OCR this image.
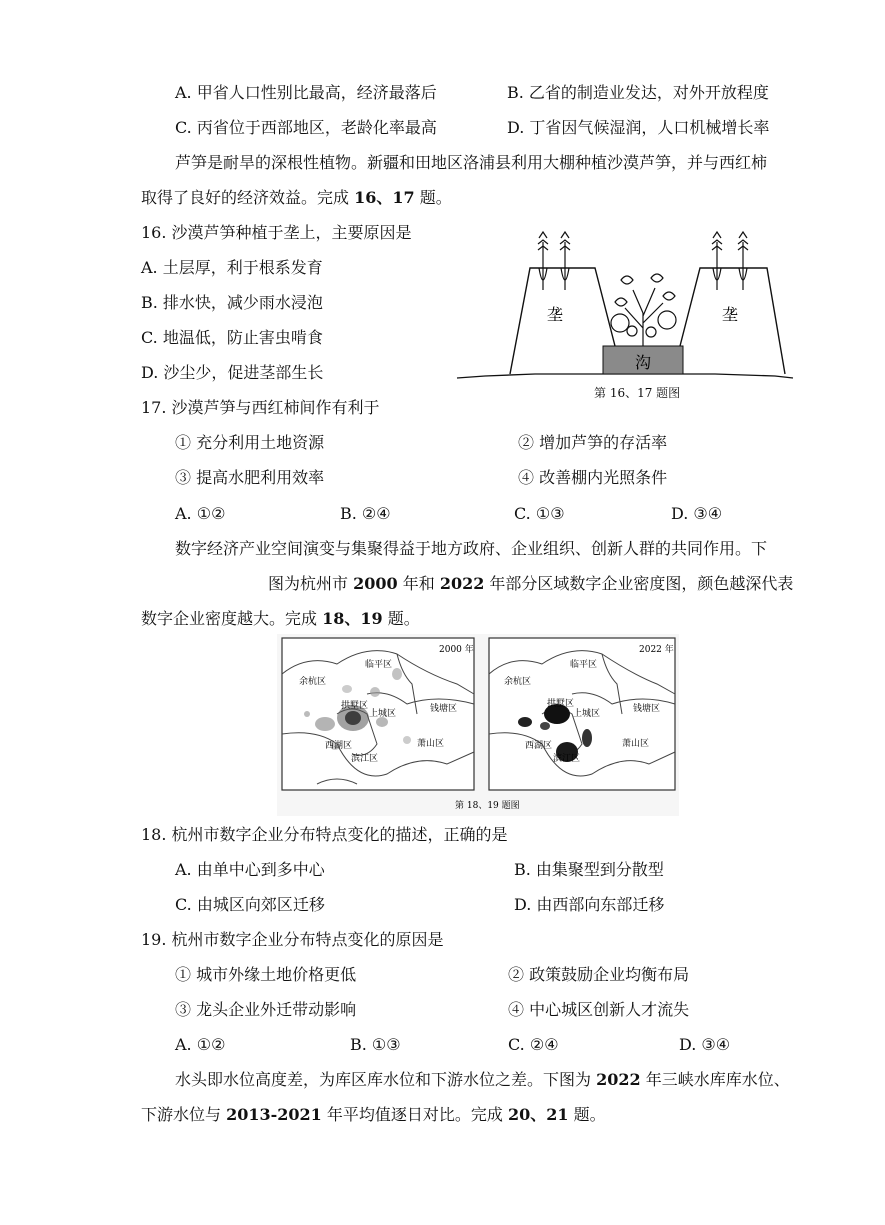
A. 甲省人口性别比最高，经济最落后	B. 乙省的制造业发达，对外开放程度
C. 丙省位于西部地区，老龄化率最高	D. 丁省因气候湿润，人口机械增长率
芦笋是耐旱的深根性植物。新疆和田地区洛浦县利用大棚种植沙漠芦笋，并与西红柿
取得了良好的经济效益。完成 16、17 题。
16. 沙漠芦笋种植于垄上，主要原因是
A. 土层厚，利于根系发育
B. 排水快，减少雨水浸泡
C. 地温低，防止害虫啃食
D. 沙尘少，促进茎部生长
垄	垄
沟
第 16、17 题图
17. 沙漠芦笋与西红柿间作有利于
① 充分利用土地资源	② 增加芦笋的存活率
③ 提高水肥利用效率	④ 改善棚内光照条件
A. ①②	B. ②④	C. ①③	D. ③④
数字经济产业空间演变与集聚得益于地方政府、企业组织、创新人群的共同作用。下
图为杭州市 2000 年和 2022 年部分区域数字企业密度图，颜色越深代表
数字企业密度越大。完成 18、19 题。
2000 年
临平区
余杭区
拱墅区
上城区	钱塘区
西湖区	萧山区
滨江区
2022 年
临平区
余杭区
拱墅区
上城区	钱塘区
西湖区	萧山区
滨江区
第 18、19 题图
18. 杭州市数字企业分布特点变化的描述，正确的是
A. 由单中心到多中心	B. 由集聚型到分散型
C. 由城区向郊区迁移	D. 由西部向东部迁移
19. 杭州市数字企业分布特点变化的原因是
① 城市外缘土地价格更低	② 政策鼓励企业均衡布局
③ 龙头企业外迁带动影响	④ 中心城区创新人才流失
A. ①②	B. ①③	C. ②④	D. ③④
水头即水位高度差，为库区库水位和下游水位之差。下图为 2022 年三峡水库库水位、
下游水位与 2013-2021 年平均值逐日对比。完成 20、21 题。
